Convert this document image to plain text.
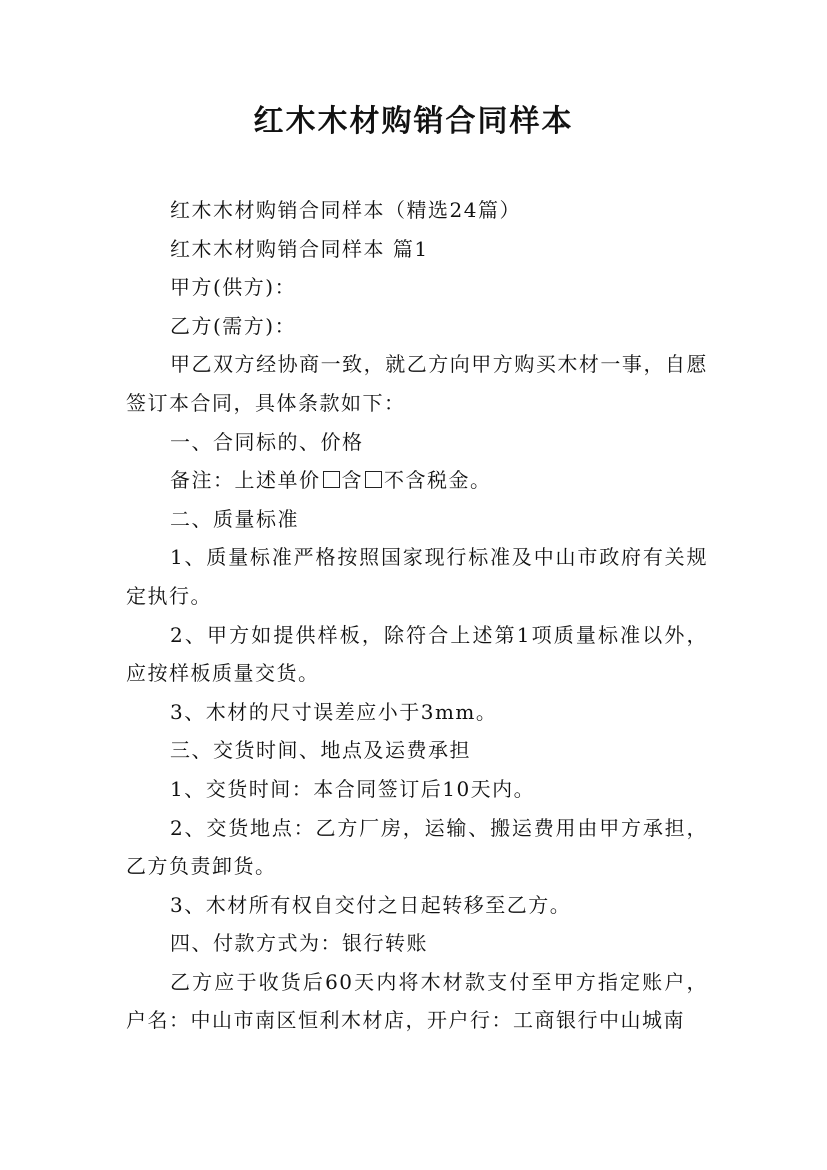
红木木材购销合同样本

红木木材购销合同样本（精选24篇）

红木木材购销合同样本 篇1

甲方(供方)：

乙方(需方)：

甲乙双方经协商一致，就乙方向甲方购买木材一事，自愿签订本合同，具体条款如下：

一、合同标的、价格

备注：上述单价 含 不含税金。

二、质量标准

1、质量标准严格按照国家现行标准及中山市政府有关规定执行。

2、甲方如提供样板，除符合上述第1项质量标准以外，应按样板质量交货。

3、木材的尺寸误差应小于3mm。

三、交货时间、地点及运费承担

1、交货时间：本合同签订后10天内。

2、交货地点：乙方厂房，运输、搬运费用由甲方承担，乙方负责卸货。

3、木材所有权自交付之日起转移至乙方。

四、付款方式为：银行转账

乙方应于收货后60天内将木材款支付至甲方指定账户，户名：中山市南区恒利木材店，开户行：工商银行中山城南
